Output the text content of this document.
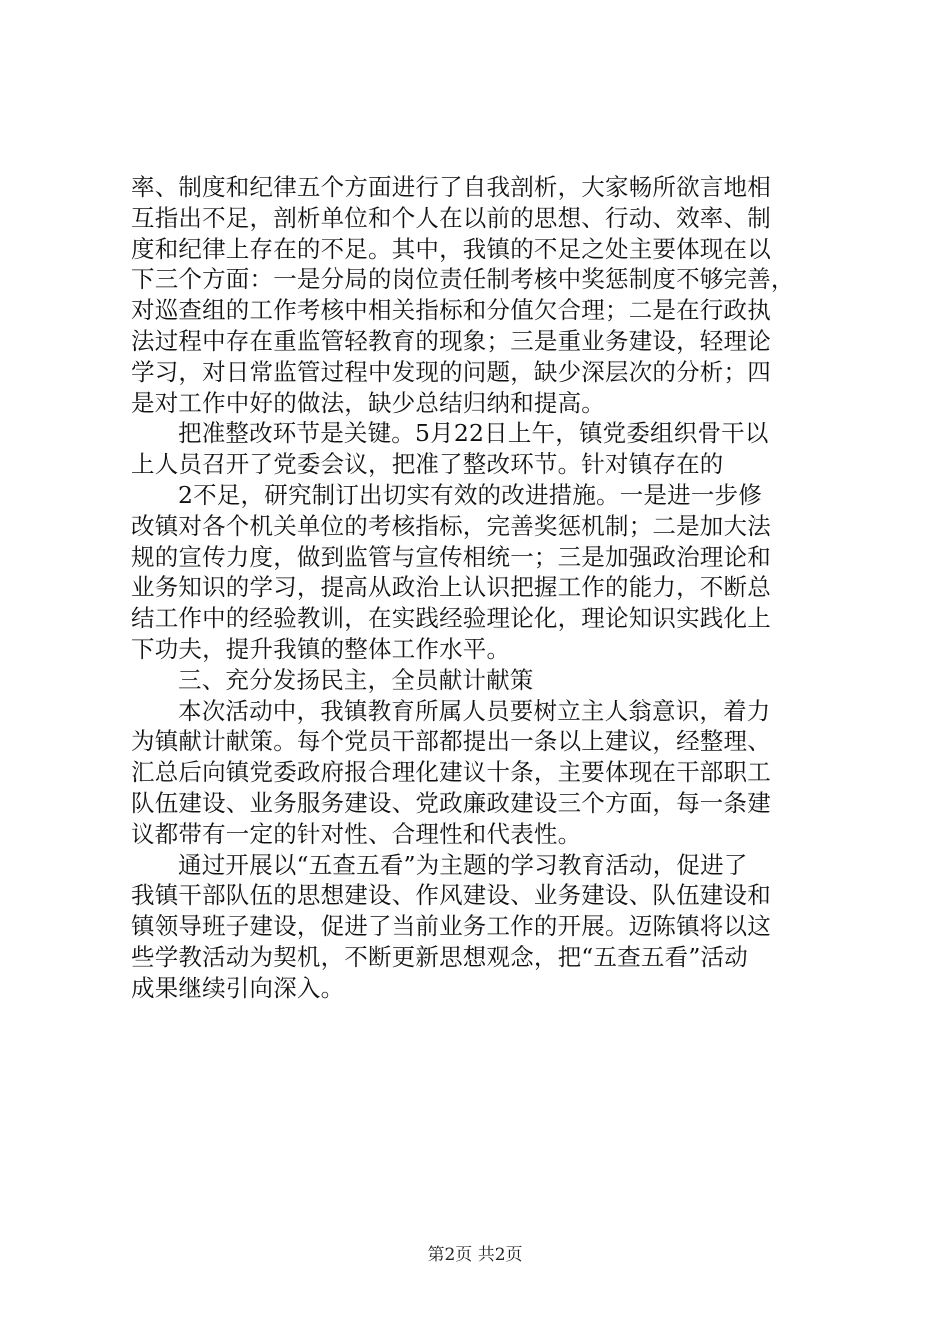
率、制度和纪律五个方面进行了自我剖析，大家畅所欲言地相
互指出不足，剖析单位和个人在以前的思想、行动、效率、制
度和纪律上存在的不足。其中，我镇的不足之处主要体现在以
下三个方面：一是分局的岗位责任制考核中奖惩制度不够完善，
对巡查组的工作考核中相关指标和分值欠合理；二是在行政执
法过程中存在重监管轻教育的现象；三是重业务建设，轻理论
学习，对日常监管过程中发现的问题，缺少深层次的分析；四
是对工作中好的做法，缺少总结归纳和提高。
把准整改环节是关键。5月22日上午，镇党委组织骨干以
上人员召开了党委会议，把准了整改环节。针对镇存在的
2不足，研究制订出切实有效的改进措施。一是进一步修
改镇对各个机关单位的考核指标，完善奖惩机制；二是加大法
规的宣传力度，做到监管与宣传相统一；三是加强政治理论和
业务知识的学习，提高从政治上认识把握工作的能力，不断总
结工作中的经验教训，在实践经验理论化，理论知识实践化上
下功夫，提升我镇的整体工作水平。
三、充分发扬民主，全员献计献策
本次活动中，我镇教育所属人员要树立主人翁意识，着力
为镇献计献策。每个党员干部都提出一条以上建议，经整理、
汇总后向镇党委政府报合理化建议十条，主要体现在干部职工
队伍建设、业务服务建设、党政廉政建设三个方面，每一条建
议都带有一定的针对性、合理性和代表性。
通过开展以“五查五看”为主题的学习教育活动，促进了
我镇干部队伍的思想建设、作风建设、业务建设、队伍建设和
镇领导班子建设，促进了当前业务工作的开展。迈陈镇将以这
些学教活动为契机，不断更新思想观念，把“五查五看”活动
成果继续引向深入。
第2页 共2页
